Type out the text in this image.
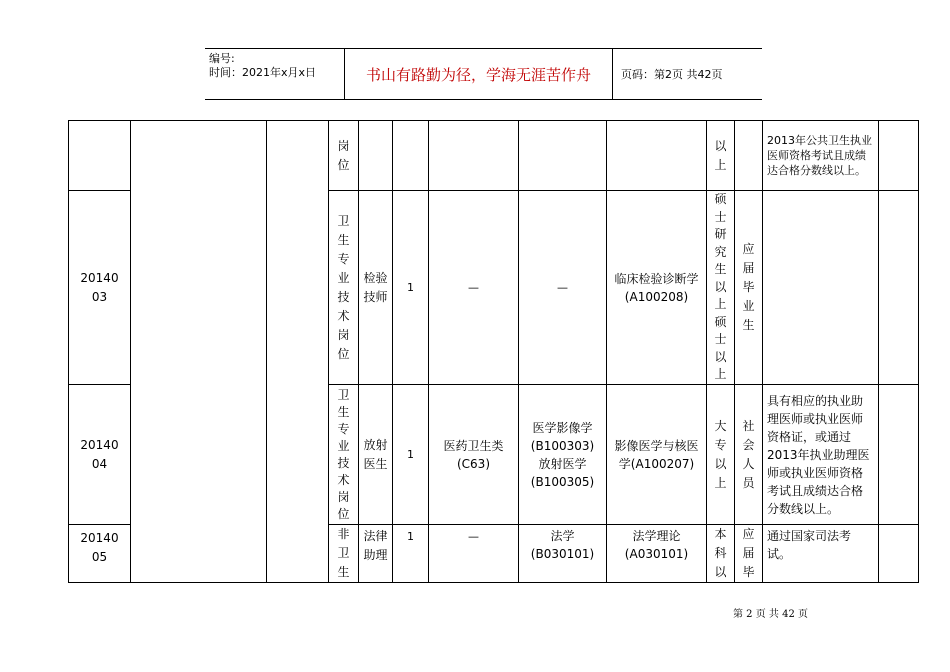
编号:
时间：2021年x月x日	书山有路勤为径，学海无涯苦作舟	页码：第2页 共42页

			岗位						以上		2013年公共卫生执业医师资格考试且成绩达合格分数线以上。	

2014003			卫生专业技术岗位	检验技师	1	—	—	临床检验诊断学(A100208)	硕士研究生以上硕士以上	应届毕业生		

2014004			卫生专业技术岗位	放射医生	1	医药卫生类(C63)	医学影像学(B100303)放射医学(B100305)	影像医学与核医学(A100207)	大专以上	社会人员	具有相应的执业助理医师或执业医师资格证，或通过2013年执业助理医师或执业医师资格考试且成绩达合格分数线以上。	

2014005			非卫生	法律助理	1	—	法学(B030101)	法学理论(A030101)	本科以	应届毕	通过国家司法考试。	
第 2 页 共 42 页
